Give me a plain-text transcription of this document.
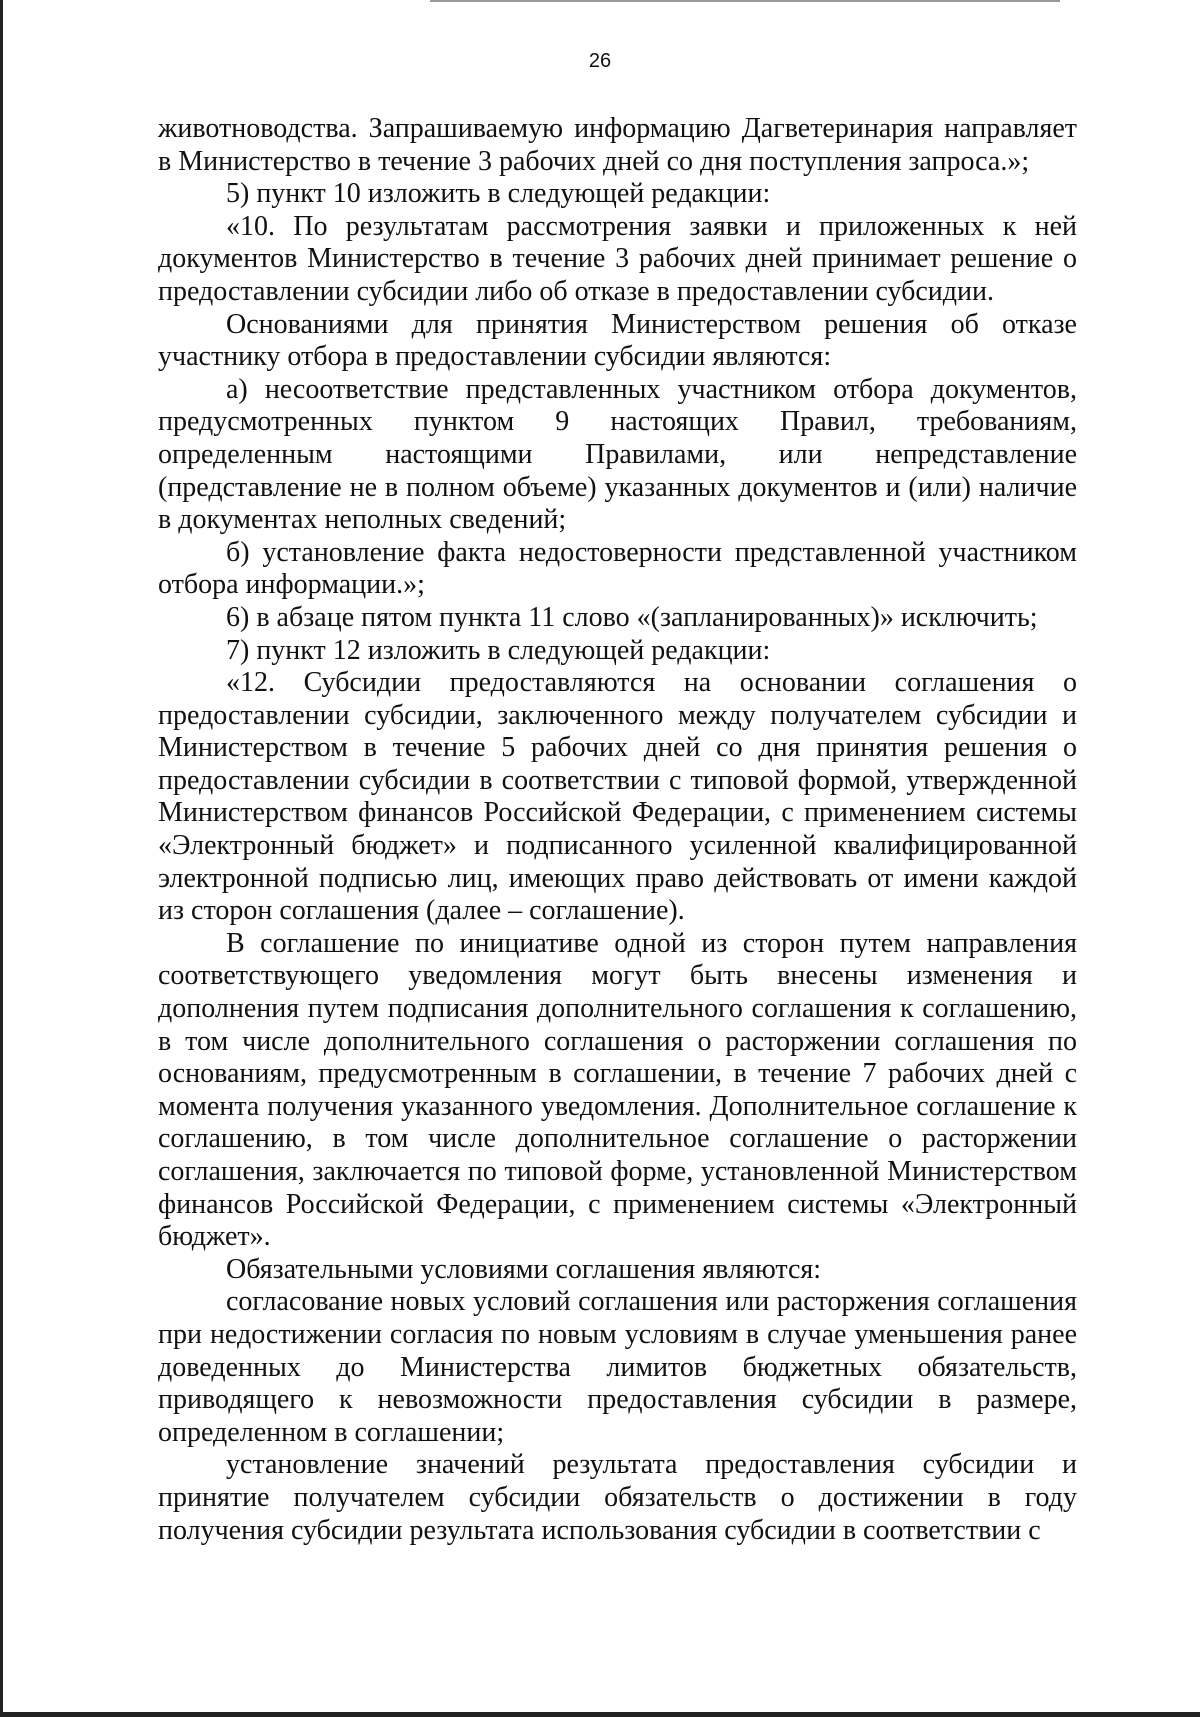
26

животноводства. Запрашиваемую информацию Дагветеринария направляет в Министерство в течение 3 рабочих дней со дня поступления запроса.»;

5) пункт 10 изложить в следующей редакции:

«10. По результатам рассмотрения заявки и приложенных к ней документов Министерство в течение 3 рабочих дней принимает решение о предоставлении субсидии либо об отказе в предоставлении субсидии.

Основаниями для принятия Министерством решения об отказе участнику отбора в предоставлении субсидии являются:

а) несоответствие представленных участником отбора документов, предусмотренных пунктом 9 настоящих Правил, требованиям, определенным настоящими Правилами, или непредставление (представление не в полном объеме) указанных документов и (или) наличие в документах неполных сведений;

б) установление факта недостоверности представленной участником отбора информации.»;

6) в абзаце пятом пункта 11 слово «(запланированных)» исключить;

7) пункт 12 изложить в следующей редакции:

«12. Субсидии предоставляются на основании соглашения о предоставлении субсидии, заключенного между получателем субсидии и Министерством в течение 5 рабочих дней со дня принятия решения о предоставлении субсидии в соответствии с типовой формой, утвержденной Министерством финансов Российской Федерации, с применением системы «Электронный бюджет» и подписанного усиленной квалифицированной электронной подписью лиц, имеющих право действовать от имени каждой из сторон соглашения (далее – соглашение).

В соглашение по инициативе одной из сторон путем направления соответствующего уведомления могут быть внесены изменения и дополнения путем подписания дополнительного соглашения к соглашению, в том числе дополнительного соглашения о расторжении соглашения по основаниям, предусмотренным в соглашении, в течение 7 рабочих дней с момента получения указанного уведомления. Дополнительное соглашение к соглашению, в том числе дополнительное соглашение о расторжении соглашения, заключается по типовой форме, установленной Министерством финансов Российской Федерации, с применением системы «Электронный бюджет».

Обязательными условиями соглашения являются:

согласование новых условий соглашения или расторжения соглашения при недостижении согласия по новым условиям в случае уменьшения ранее доведенных до Министерства лимитов бюджетных обязательств, приводящего к невозможности предоставления субсидии в размере, определенном в соглашении;

установление значений результата предоставления субсидии и принятие получателем субсидии обязательств о достижении в году получения субсидии результата использования субсидии в соответствии с
